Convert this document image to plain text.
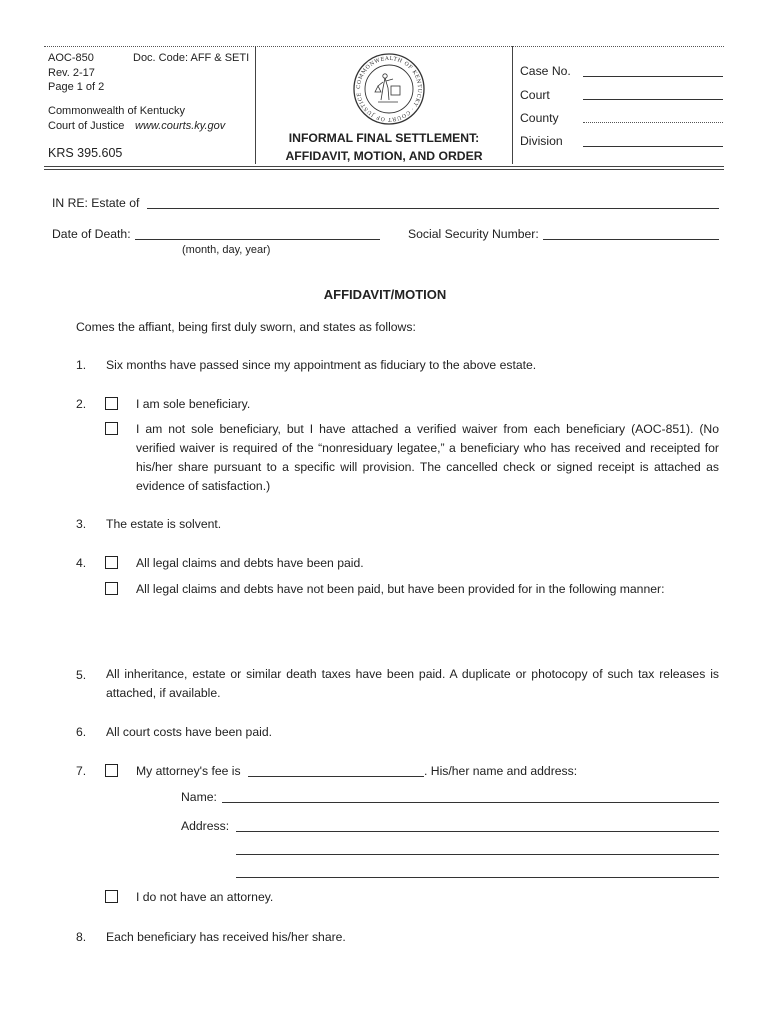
AOC-850	Doc. Code: AFF & SETI
Rev. 2-17
Page 1 of 2
Commonwealth of Kentucky
Court of Justice www.courts.ky.gov
KRS 395.605
COMMONWEALTH OF KENTUCKY · COURT OF JUSTICE
INFORMAL FINAL SETTLEMENT:
AFFIDAVIT, MOTION, AND ORDER
Case No.
Court
County
Division
IN RE: Estate of
Date of Death:
(month, day, year)
Social Security Number:
AFFIDAVIT/MOTION
Comes the affiant, being first duly sworn, and states as follows:
1. Six months have passed since my appointment as fiduciary to the above estate.
2.	I am sole beneficiary.
I am not sole beneficiary, but I have attached a verified waiver from each beneficiary (AOC-851). (No verified waiver is required of the “nonresiduary legatee,” a beneficiary who has received and receipted for his/her share pursuant to a specific will provision. The cancelled check or signed receipt is attached as evidence of satisfaction.)
3. The estate is solvent.
4.	All legal claims and debts have been paid.
All legal claims and debts have not been paid, but have been provided for in the following manner:
5. All inheritance, estate or similar death taxes have been paid. A duplicate or photocopy of such tax releases is attached, if available.
6. All court costs have been paid.
7.	My attorney's fee is	. His/her name and address:
Name:
Address:
I do not have an attorney.
8. Each beneficiary has received his/her share.
